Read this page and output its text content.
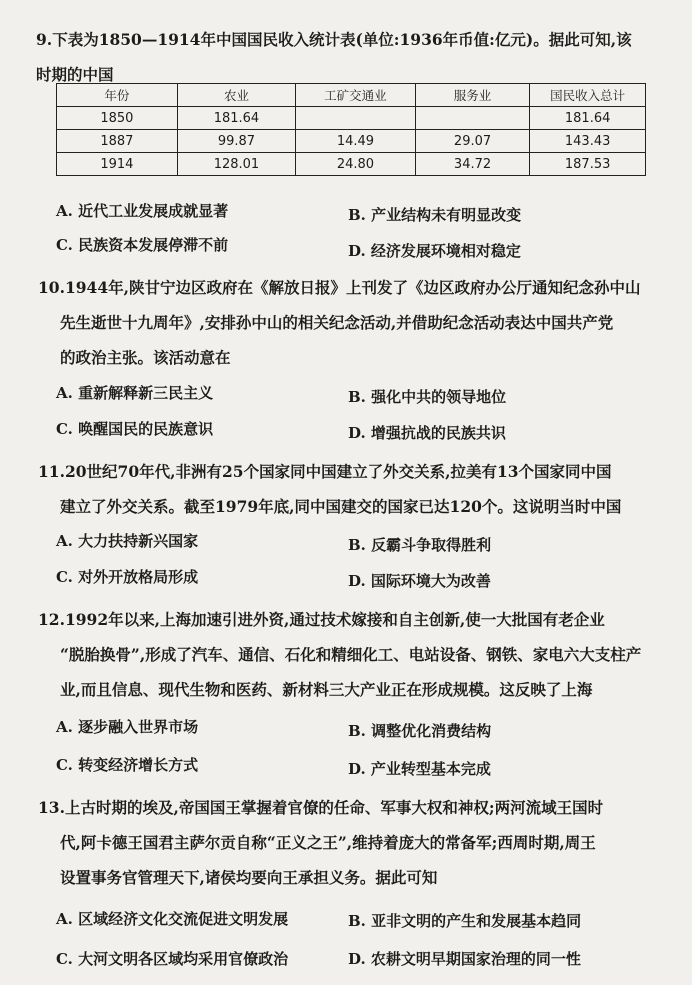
9.下表为1850—1914年中国国民收入统计表(单位:1936年币值:亿元)。据此可知,该
时期的中国
年份	农业	工矿交通业	服务业	国民收入总计
1850	181.64			181.64
1887	99.87	14.49	29.07	143.43
1914	128.01	24.80	34.72	187.53
A. 近代工业发展成就显著	B. 产业结构未有明显改变
C. 民族资本发展停滞不前	D. 经济发展环境相对稳定
10.1944年,陕甘宁边区政府在《解放日报》上刊发了《边区政府办公厅通知纪念孙中山
先生逝世十九周年》,安排孙中山的相关纪念活动,并借助纪念活动表达中国共产党
的政治主张。该活动意在
A. 重新解释新三民主义	B. 强化中共的领导地位
C. 唤醒国民的民族意识	D. 增强抗战的民族共识
11.20世纪70年代,非洲有25个国家同中国建立了外交关系,拉美有13个国家同中国
建立了外交关系。截至1979年底,同中国建交的国家已达120个。这说明当时中国
A. 大力扶持新兴国家	B. 反霸斗争取得胜利
C. 对外开放格局形成	D. 国际环境大为改善
12.1992年以来,上海加速引进外资,通过技术嫁接和自主创新,使一大批国有老企业
“脱胎换骨”,形成了汽车、通信、石化和精细化工、电站设备、钢铁、家电六大支柱产
业,而且信息、现代生物和医药、新材料三大产业正在形成规模。这反映了上海
A. 逐步融入世界市场	B. 调整优化消费结构
C. 转变经济增长方式	D. 产业转型基本完成
13.上古时期的埃及,帝国国王掌握着官僚的任命、军事大权和神权;两河流域王国时
代,阿卡德王国君主萨尔贡自称“正义之王”,维持着庞大的常备军;西周时期,周王
设置事务官管理天下,诸侯均要向王承担义务。据此可知
A. 区域经济文化交流促进文明发展	B. 亚非文明的产生和发展基本趋同
C. 大河文明各区域均采用官僚政治	D. 农耕文明早期国家治理的同一性
